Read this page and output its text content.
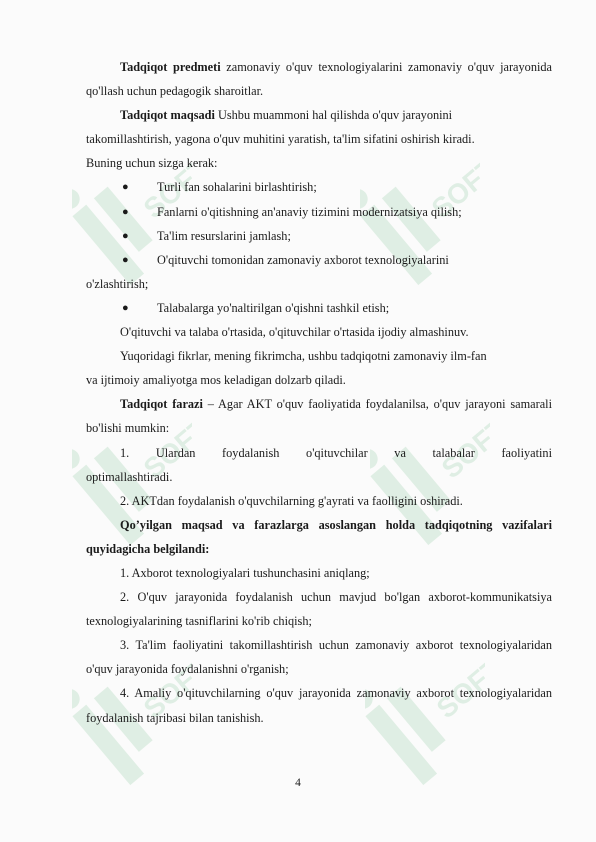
SOFT	SOFT
SOFT	SOFT
SOFT	SOFT

Tadqiqot predmeti zamonaviy o'quv texnologiyalarini zamonaviy o'quv jarayonida qo'llash uchun pedagogik sharoitlar.

Tadqiqot maqsadi Ushbu muammoni hal qilishda o'quv jarayonini

takomillashtirish, yagona o'quv muhitini yaratish, ta'lim sifatini oshirish kiradi.

Buning uchun sizga kerak:

● Turli fan sohalarini birlashtirish;

● Fanlarni o'qitishning an'anaviy tizimini modernizatsiya qilish;

● Ta'lim resurslarini jamlash;

● O'qituvchi tomonidan zamonaviy axborot texnologiyalarini

o'zlashtirish;

● Talabalarga yo'naltirilgan o'qishni tashkil etish;

O'qituvchi va talaba o'rtasida, o'qituvchilar o'rtasida ijodiy almashinuv.

Yuqoridagi fikrlar, mening fikrimcha, ushbu tadqiqotni zamonaviy ilm-fan

va ijtimoiy amaliyotga mos keladigan dolzarb qiladi.

Tadqiqot farazi – Agar AKT o'quv faoliyatida foydalanilsa, o'quv jarayoni samarali bo'lishi mumkin:

1. Ulardan foydalanish o'qituvchilar va talabalar faoliyatini

optimallashtiradi.

2. AKTdan foydalanish o'quvchilarning g'ayrati va faolligini oshiradi.

Qo’yilgan maqsad va farazlarga asoslangan holda tadqiqotning vazifalari quyidagicha belgilandi:

1. Axborot texnologiyalari tushunchasini aniqlang;

2. O'quv jarayonida foydalanish uchun mavjud bo'lgan axborot-kommunikatsiya texnologiyalarining tasniflarini ko'rib chiqish;

3. Ta'lim faoliyatini takomillashtirish uchun zamonaviy axborot texnologiyalaridan o'quv jarayonida foydalanishni o'rganish;

4. Amaliy o'qituvchilarning o'quv jarayonida zamonaviy axborot texnologiyalaridan foydalanish tajribasi bilan tanishish.

4
